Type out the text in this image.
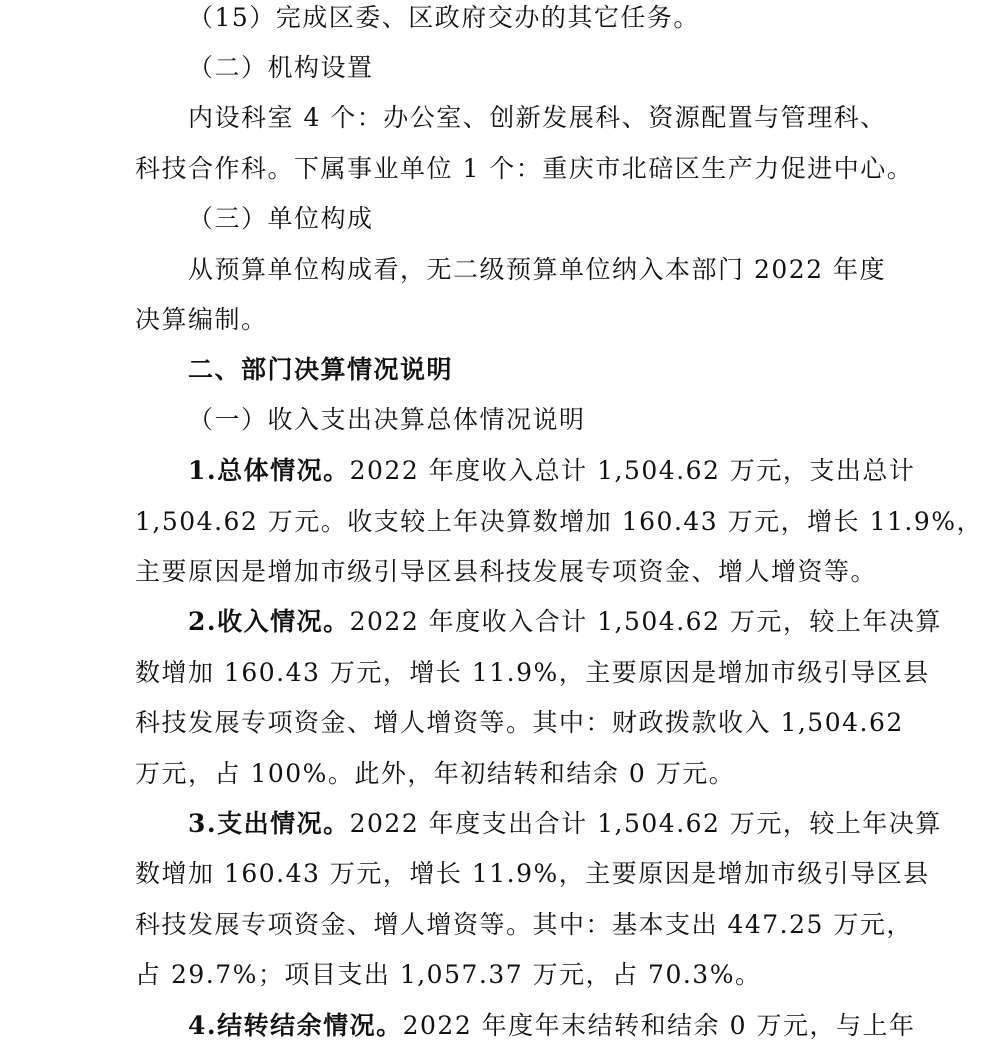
（15）完成区委、区政府交办的其它任务。
（二）机构设置
内设科室 4 个：办公室、创新发展科、资源配置与管理科、
科技合作科。下属事业单位 1 个：重庆市北碚区生产力促进中心。
（三）单位构成
从预算单位构成看，无二级预算单位纳入本部门 2022 年度
决算编制。
二、部门决算情况说明
（一）收入支出决算总体情况说明
1.总体情况。2022 年度收入总计 1,504.62 万元，支出总计
1,504.62 万元。收支较上年决算数增加 160.43 万元，增长 11.9%，
主要原因是增加市级引导区县科技发展专项资金、增人增资等。
2.收入情况。2022 年度收入合计 1,504.62 万元，较上年决算
数增加 160.43 万元，增长 11.9%，主要原因是增加市级引导区县
科技发展专项资金、增人增资等。其中：财政拨款收入 1,504.62
万元，占 100%。此外，年初结转和结余 0 万元。
3.支出情况。2022 年度支出合计 1,504.62 万元，较上年决算
数增加 160.43 万元，增长 11.9%，主要原因是增加市级引导区县
科技发展专项资金、增人增资等。其中：基本支出 447.25 万元，
占 29.7%；项目支出 1,057.37 万元，占 70.3%。
4.结转结余情况。2022 年度年末结转和结余 0 万元，与上年
